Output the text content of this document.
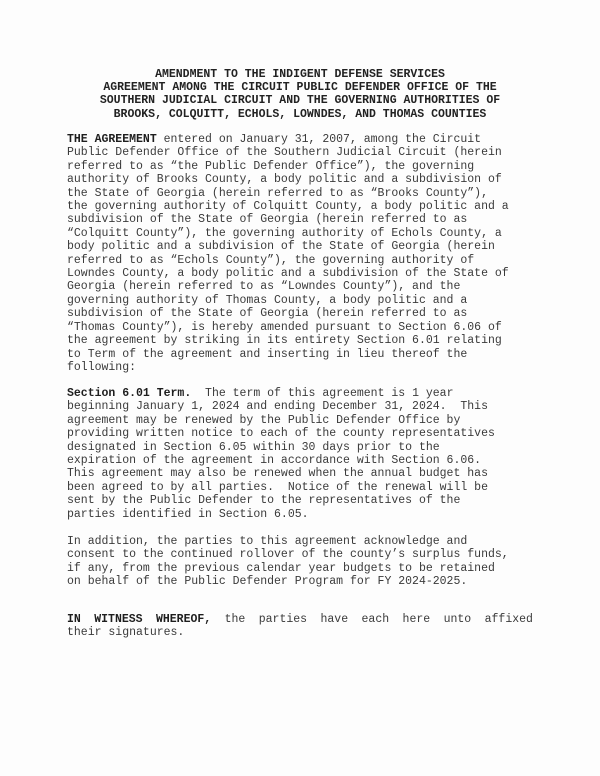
AMENDMENT TO THE INDIGENT DEFENSE SERVICES
AGREEMENT AMONG THE CIRCUIT PUBLIC DEFENDER OFFICE OF THE
SOUTHERN JUDICIAL CIRCUIT AND THE GOVERNING AUTHORITIES OF
BROOKS, COLQUITT, ECHOLS, LOWNDES, AND THOMAS COUNTIES
THE AGREEMENT entered on January 31, 2007, among the Circuit
Public Defender Office of the Southern Judicial Circuit (herein
referred to as “the Public Defender Office”), the governing
authority of Brooks County, a body politic and a subdivision of
the State of Georgia (herein referred to as “Brooks County”),
the governing authority of Colquitt County, a body politic and a
subdivision of the State of Georgia (herein referred to as
“Colquitt County”), the governing authority of Echols County, a
body politic and a subdivision of the State of Georgia (herein
referred to as “Echols County”), the governing authority of
Lowndes County, a body politic and a subdivision of the State of
Georgia (herein referred to as “Lowndes County”), and the
governing authority of Thomas County, a body politic and a
subdivision of the State of Georgia (herein referred to as
“Thomas County”), is hereby amended pursuant to Section 6.06 of
the agreement by striking in its entirety Section 6.01 relating
to Term of the agreement and inserting in lieu thereof the
following:
Section 6.01 Term.  The term of this agreement is 1 year
beginning January 1, 2024 and ending December 31, 2024.  This
agreement may be renewed by the Public Defender Office by
providing written notice to each of the county representatives
designated in Section 6.05 within 30 days prior to the
expiration of the agreement in accordance with Section 6.06.
This agreement may also be renewed when the annual budget has
been agreed to by all parties.  Notice of the renewal will be
sent by the Public Defender to the representatives of the
parties identified in Section 6.05.
In addition, the parties to this agreement acknowledge and
consent to the continued rollover of the county’s surplus funds,
if any, from the previous calendar year budgets to be retained
on behalf of the Public Defender Program for FY 2024-2025.
IN WITNESS WHEREOF, the parties have each here unto affixed
their signatures.
